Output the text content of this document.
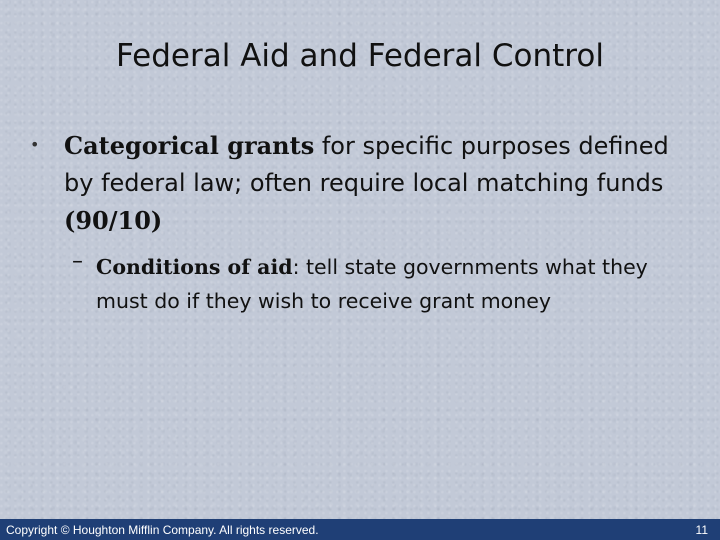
Federal Aid and Federal Control
• Categorical grants for specific purposes defined by federal law; often require local matching funds (90/10)
– Conditions of aid: tell state governments what they must do if they wish to receive grant money
Copyright © Houghton Mifflin Company. All rights reserved.	11
